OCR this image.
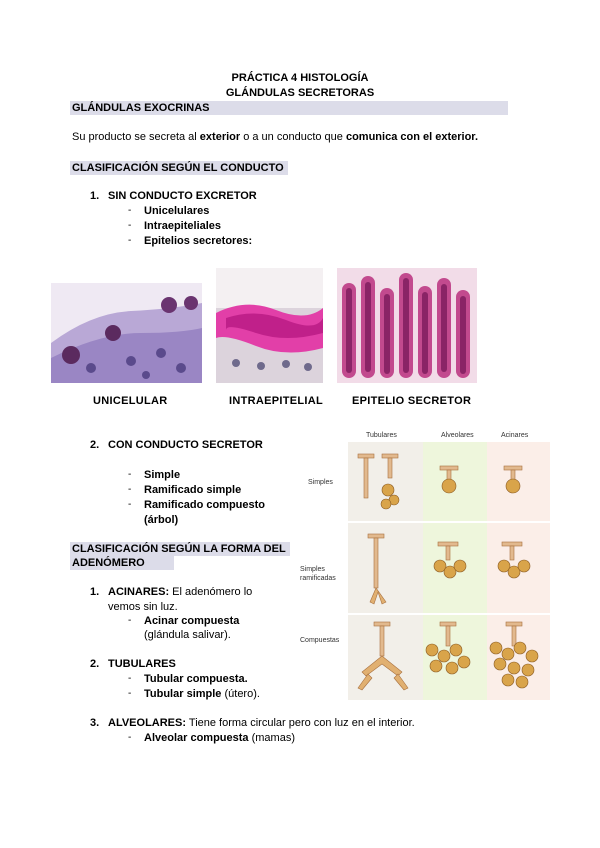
PRÁCTICA 4 HISTOLOGÍA
GLÁNDULAS SECRETORAS
GLÁNDULAS EXOCRINAS
Su producto se secreta al exterior o a un conducto que comunica con el exterior.
CLASIFICACIÓN SEGÚN EL CONDUCTO
1. SIN CONDUCTO EXCRETOR
- Unicelulares
- Intraepiteliales
- Epitelios secretores:
UNICELULAR	INTRAEPITELIAL	EPITELIO SECRETOR
2. CON CONDUCTO SECRETOR
- Simple
- Ramificado simple
- Ramificado compuesto
(árbol)
CLASIFICACIÓN SEGÚN LA FORMA DEL
ADENÓMERO
1. ACINARES: El adenómero lo
vemos sin luz.
- Acinar compuesta
(glándula salivar).
2. TUBULARES
- Tubular compuesta.
- Tubular simple (útero).
3. ALVEOLARES: Tiene forma circular pero con luz en el interior.
- Alveolar compuesta (mamas)
Tubulares	Alveolares	Acinares
Simples
Simples ramificadas
Compuestas
